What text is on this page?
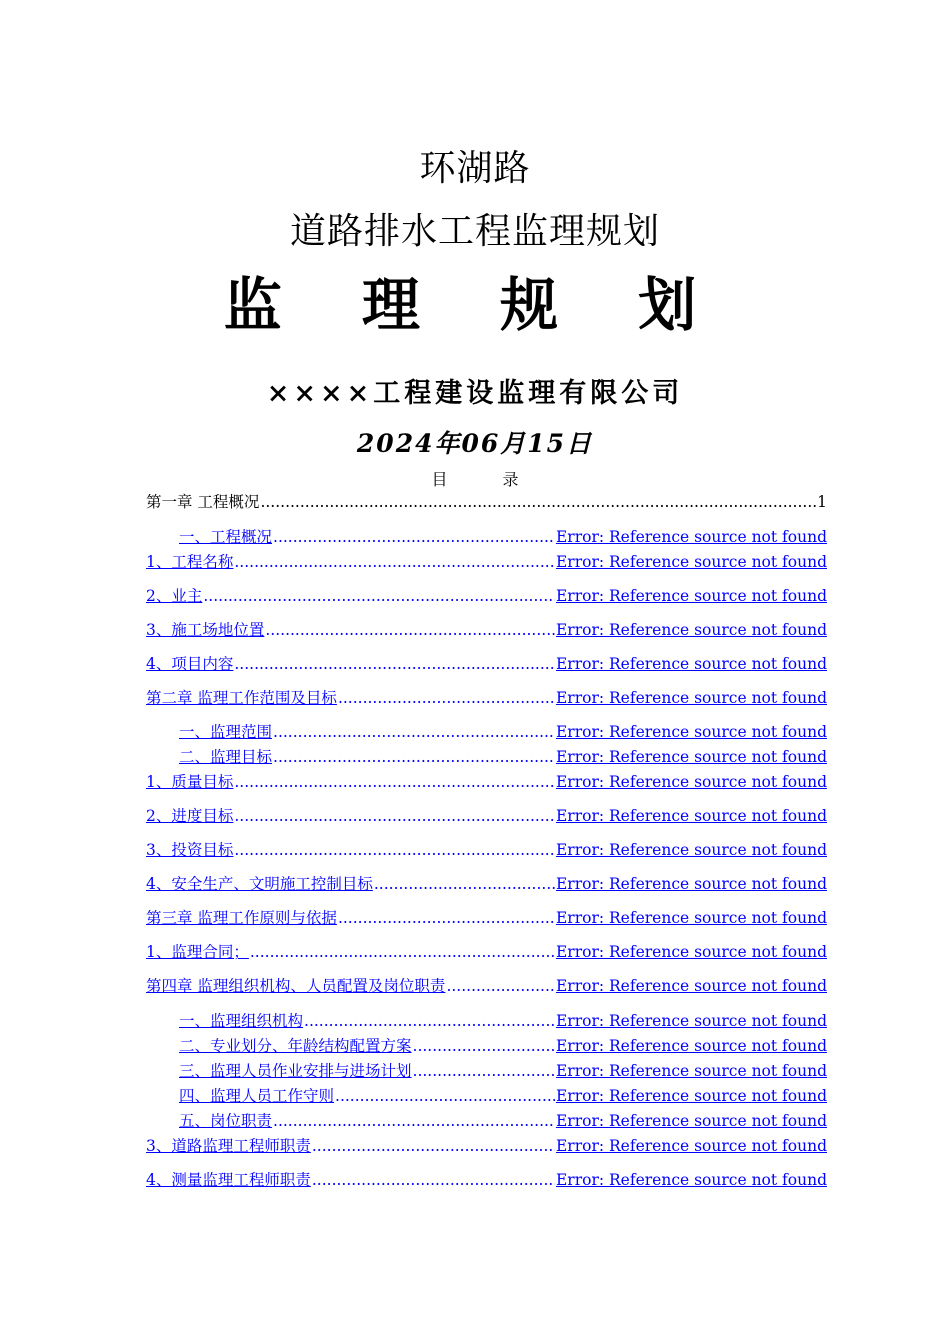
环湖路
道路排水工程监理规划
监 理 规 划
××××工程建设监理有限公司
2024年06月15日
目 录
第一章 工程概况 .....	1
一、工程概况 .....	Error: Reference source not found
1、工程名称 .....	Error: Reference source not found
2、业主 .....	Error: Reference source not found
3、施工场地位置 .....	Error: Reference source not found
4、项目内容 .....	Error: Reference source not found
第二章 监理工作范围及目标 .....	Error: Reference source not found
一、监理范围 .....	Error: Reference source not found
二、监理目标 .....	Error: Reference source not found
1、质量目标 .....	Error: Reference source not found
2、进度目标 .....	Error: Reference source not found
3、投资目标 .....	Error: Reference source not found
4、安全生产、文明施工控制目标 .....	Error: Reference source not found
第三章 监理工作原则与依据 .....	Error: Reference source not found
1、监理合同； .....	Error: Reference source not found
第四章 监理组织机构、人员配置及岗位职责 .....	Error: Reference source not found
一、监理组织机构 .....	Error: Reference source not found
二、专业划分、年龄结构配置方案 .....	Error: Reference source not found
三、监理人员作业安排与进场计划 .....	Error: Reference source not found
四、监理人员工作守则 .....	Error: Reference source not found
五、岗位职责 .....	Error: Reference source not found
3、道路监理工程师职责 .....	Error: Reference source not found
4、测量监理工程师职责 .....	Error: Reference source not found
